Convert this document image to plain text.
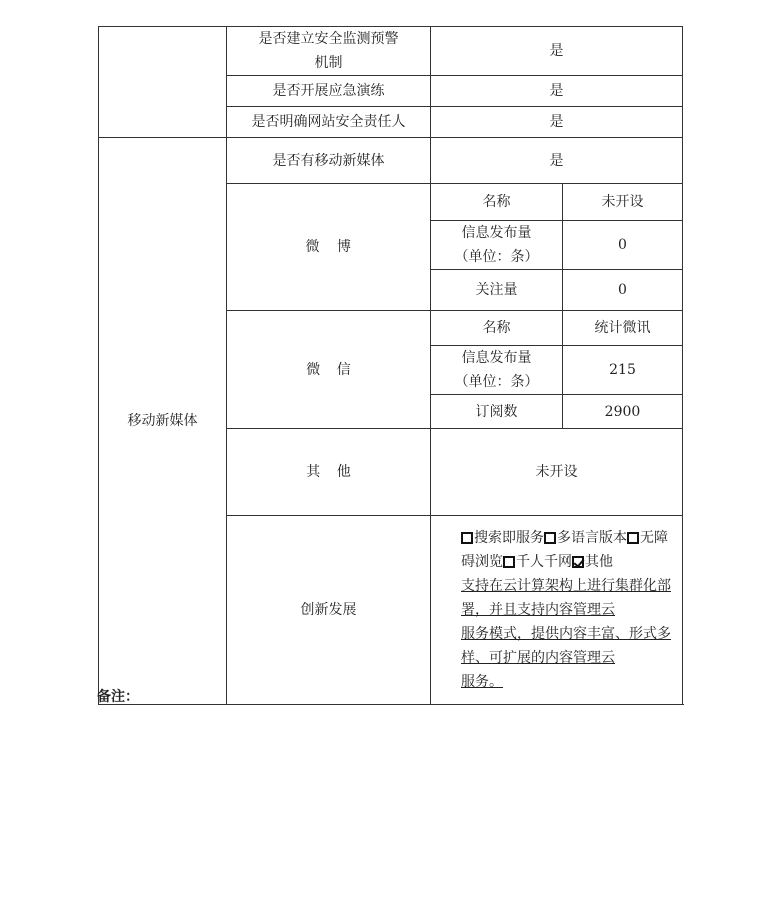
	是否建立安全监测预警
机制	是	
	是否开展应急演练	是	
	是否明确网站安全责任人	是	
移动新媒体	是否有移动新媒体	是	
	微 博	名称	未开设

		信息发布量
（单位：条）	0
		关注量	0
	微 信	名称	统计微讯

		信息发布量
（单位：条）	215
		订阅数	2900
	其 他	未开设	
	创新发展	搜索即服务 多语言版本 无障碍浏览 千人千网 其他
支持在云计算架构上进行集群化部署，并且支持内容管理云
服务模式，提供内容丰富、形式多样、可扩展的内容管理云
服务。	
备注：
